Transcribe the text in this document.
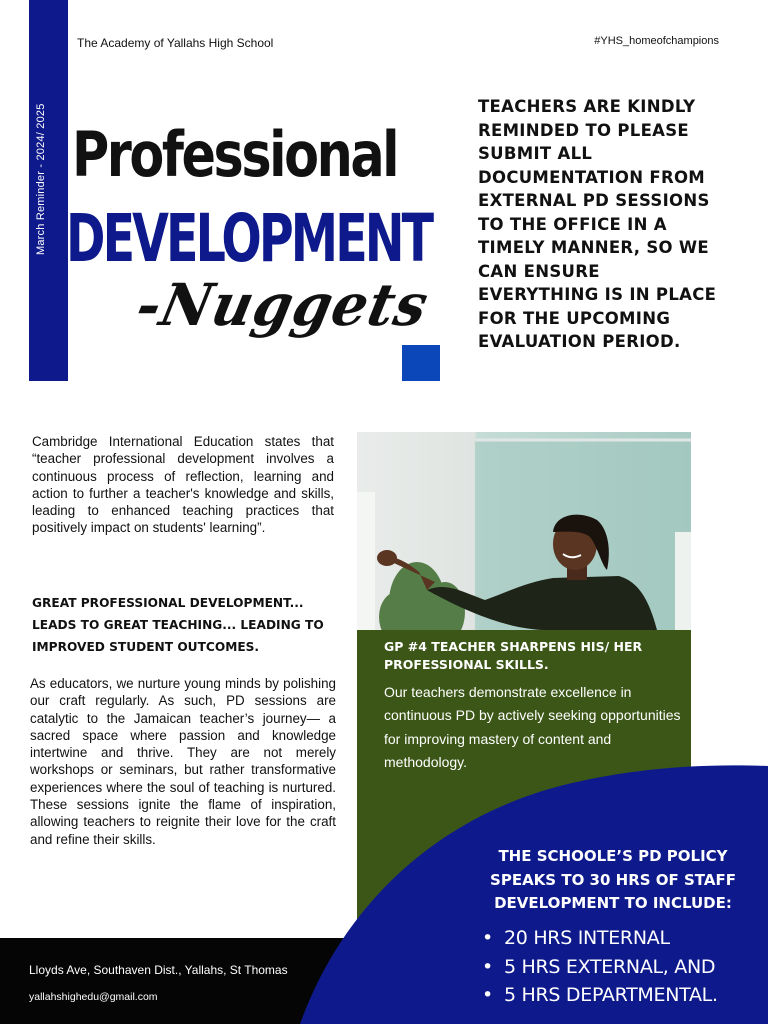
March Reminder - 2024/ 2025
The Academy of Yallahs High School	#YHS_homeofchampions
Professional
DEVELOPMENT
-Nuggets
TEACHERS ARE KINDLY REMINDED TO PLEASE SUBMIT ALL DOCUMENTATION FROM EXTERNAL PD SESSIONS TO THE OFFICE IN A TIMELY MANNER, SO WE CAN ENSURE EVERYTHING IS IN PLACE FOR THE UPCOMING EVALUATION PERIOD.
Cambridge International Education states that “teacher professional development involves a continuous process of reflection, learning and action to further a teacher's knowledge and skills, leading to enhanced teaching practices that positively impact on students' learning”.
GREAT PROFESSIONAL DEVELOPMENT... LEADS TO GREAT TEACHING... LEADING TO IMPROVED STUDENT OUTCOMES.
As educators, we nurture young minds by polishing our craft regularly. As such, PD sessions are catalytic to the Jamaican teacher’s journey— a sacred space where passion and knowledge intertwine and thrive. They are not merely workshops or seminars, but rather transformative experiences where the soul of teaching is nurtured. These sessions ignite the flame of inspiration, allowing teachers to reignite their love for the craft and refine their skills.
GP #4 TEACHER SHARPENS HIS/ HER PROFESSIONAL SKILLS.
Our teachers demonstrate excellence in continuous PD by actively seeking opportunities for improving mastery of content and methodology.
Lloyds Ave, Southaven Dist., Yallahs, St Thomas
yallahshighedu@gmail.com
THE SCHOOLE’S PD POLICY SPEAKS TO 30 HRS OF STAFF DEVELOPMENT TO INCLUDE:
• 20 HRS INTERNAL
• 5 HRS EXTERNAL, AND
• 5 HRS DEPARTMENTAL.
